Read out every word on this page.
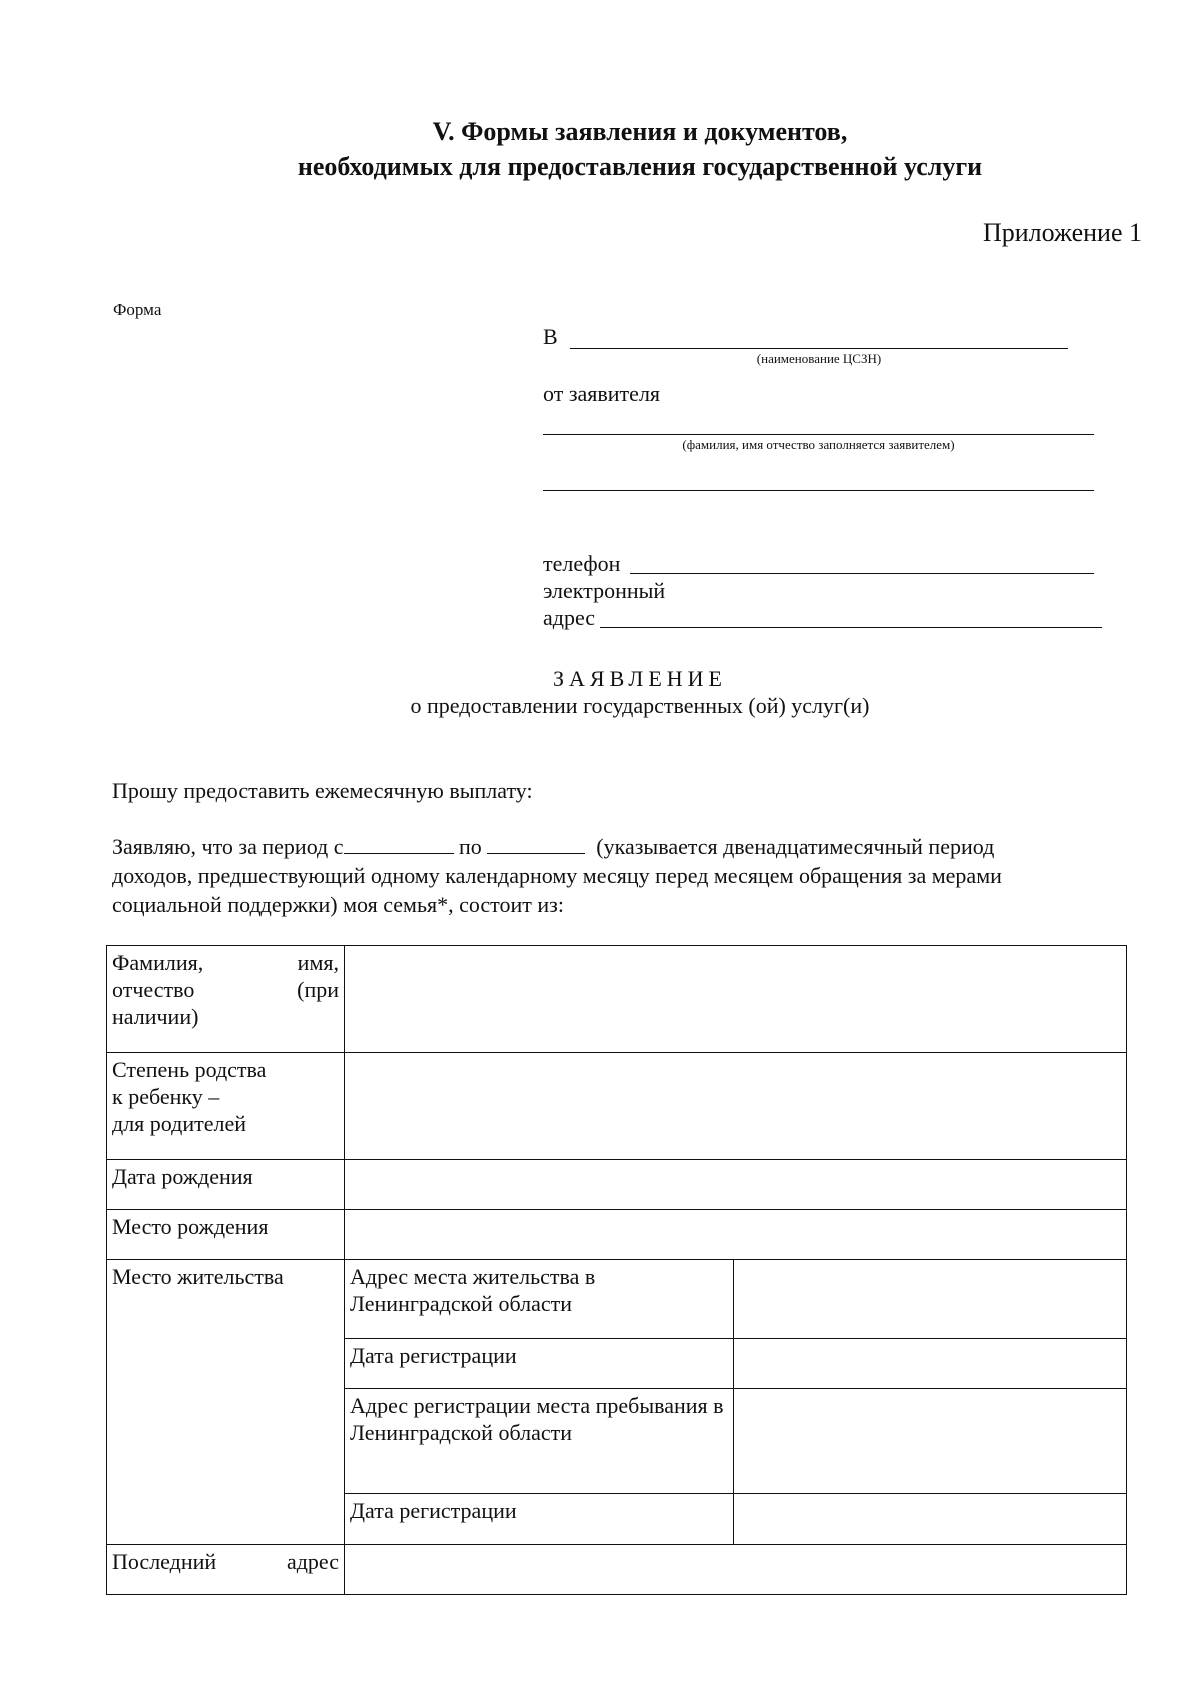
V. Формы заявления и документов,
необходимых для предоставления государственной услуги
Приложение 1
Форма
В
(наименование ЦСЗН)
от заявителя
(фамилия, имя отчество заполняется заявителем)
телефон
электронный
адрес
ЗАЯВЛЕНИЕ
о предоставлении государственных (ой) услуг(и)
Прошу предоставить ежемесячную выплату:
Заявляю, что за период с	по	(указывается двенадцатимесячный период
доходов, предшествующий одному календарному месяцу перед месяцем обращения за мерами
социальной поддержки) моя семья*, состоит из:
Фамилия, имя,
отчество (при
наличии)		

Степень родства
к ребенку –
для родителей		

Дата рождения		
Место рождения		
Место жительства	Адрес места жительства в Ленинградской области	
	Дата регистрации	
	Адрес регистрации места пребывания в Ленинградской области	
	Дата регистрации	

Последний адрес		
